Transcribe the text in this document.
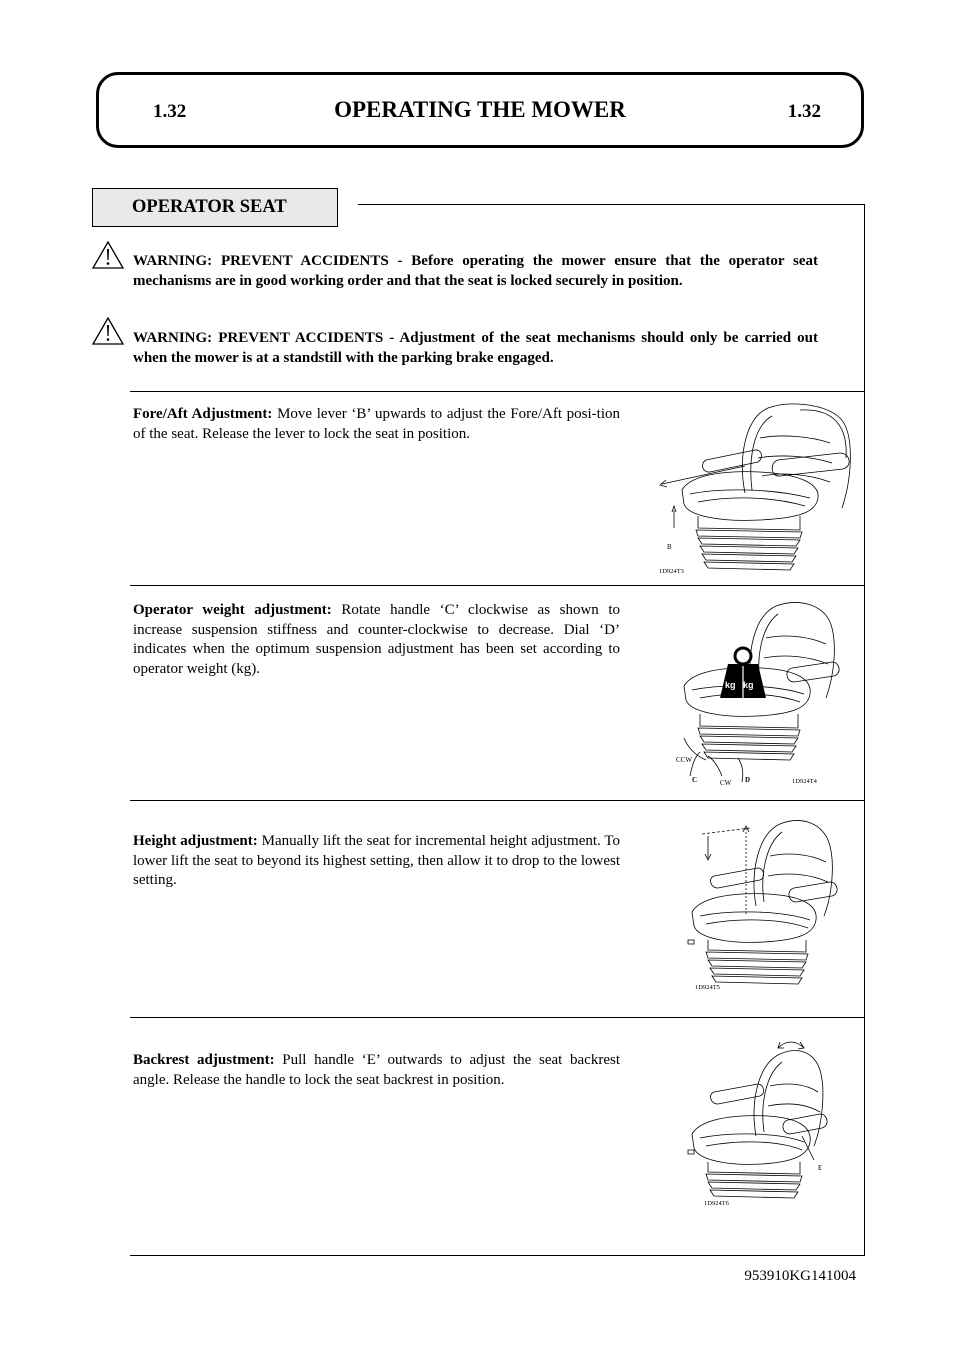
1.32	OPERATING THE MOWER	1.32
OPERATOR SEAT
WARNING: PREVENT ACCIDENTS - Before operating the mower ensure that the operator seat mechanisms are in good working order and that the seat is locked securely in position.
WARNING: PREVENT ACCIDENTS - Adjustment of the seat mechanisms should only be carried out when the mower is at a standstill with the parking brake engaged.
Fore/Aft Adjustment: Move lever ‘B’ upwards to adjust the Fore/Aft posi-tion of the seat. Release the lever to lock the seat in position.
B
1D924T3
Operator weight adjustment: Rotate handle ‘C’ clockwise as shown to increase suspension stiffness and counter-clockwise to decrease. Dial ‘D’ indicates when the optimum suspension adjustment has been set according to operator weight (kg).
kg kg
CCW
C	CW D	1D924T4
Height adjustment: Manually lift the seat for incremental height adjustment. To lower lift the seat to beyond its highest setting, then allow it to drop to the lowest setting.
1D924T5
Backrest adjustment: Pull handle ‘E’ outwards to adjust the seat backrest angle. Release the handle to lock the seat backrest in position.
E
1D924T6
953910KG141004
